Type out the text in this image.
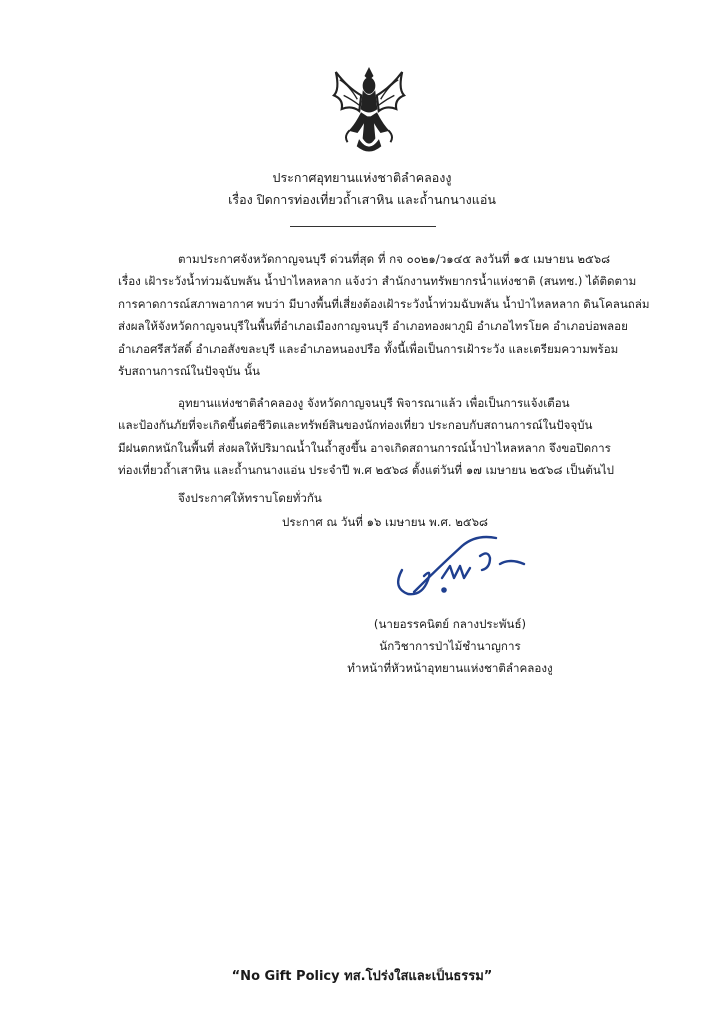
ประกาศอุทยานแห่งชาติลำคลองงู
เรื่อง ปิดการท่องเที่ยวถ้ำเสาหิน และถ้ำนกนางแอ่น
ตามประกาศจังหวัดกาญจนบุรี ด่วนที่สุด ที่ กจ ๐๐๒๑/ว๑๔๕ ลงวันที่ ๑๕ เมษายน ๒๕๖๘
เรื่อง เฝ้าระวังน้ำท่วมฉับพลัน น้ำป่าไหลหลาก แจ้งว่า สำนักงานทรัพยากรน้ำแห่งชาติ (สนทช.) ได้ติดตาม
การคาดการณ์สภาพอากาศ พบว่า มีบางพื้นที่เสี่ยงต้องเฝ้าระวังน้ำท่วมฉับพลัน น้ำป่าไหลหลาก ดินโคลนถล่ม
ส่งผลให้จังหวัดกาญจนบุรีในพื้นที่อำเภอเมืองกาญจนบุรี อำเภอทองผาภูมิ อำเภอไทรโยค อำเภอบ่อพลอย
อำเภอศรีสวัสดิ์ อำเภอสังขละบุรี และอำเภอหนองปรือ ทั้งนี้เพื่อเป็นการเฝ้าระวัง และเตรียมความพร้อม
รับสถานการณ์ในปัจจุบัน นั้น
อุทยานแห่งชาติลำคลองงู จังหวัดกาญจนบุรี พิจารณาแล้ว เพื่อเป็นการแจ้งเตือน
และป้องกันภัยที่จะเกิดขึ้นต่อชีวิตและทรัพย์สินของนักท่องเที่ยว ประกอบกับสถานการณ์ในปัจจุบัน
มีฝนตกหนักในพื้นที่ ส่งผลให้ปริมาณน้ำในถ้ำสูงขึ้น อาจเกิดสถานการณ์น้ำป่าไหลหลาก จึงขอปิดการ
ท่องเที่ยวถ้ำเสาหิน และถ้ำนกนางแอ่น ประจำปี พ.ศ ๒๕๖๘ ตั้งแต่วันที่ ๑๗ เมษายน ๒๕๖๘ เป็นต้นไป
จึงประกาศให้ทราบโดยทั่วกัน
ประกาศ ณ วันที่ ๑๖ เมษายน พ.ศ. ๒๕๖๘
(นายอรรคนิตย์ กลางประพันธ์)
นักวิชาการป่าไม้ชำนาญการ
ทำหน้าที่หัวหน้าอุทยานแห่งชาติลำคลองงู
“No Gift Policy ทส.โปร่งใสและเป็นธรรม”
